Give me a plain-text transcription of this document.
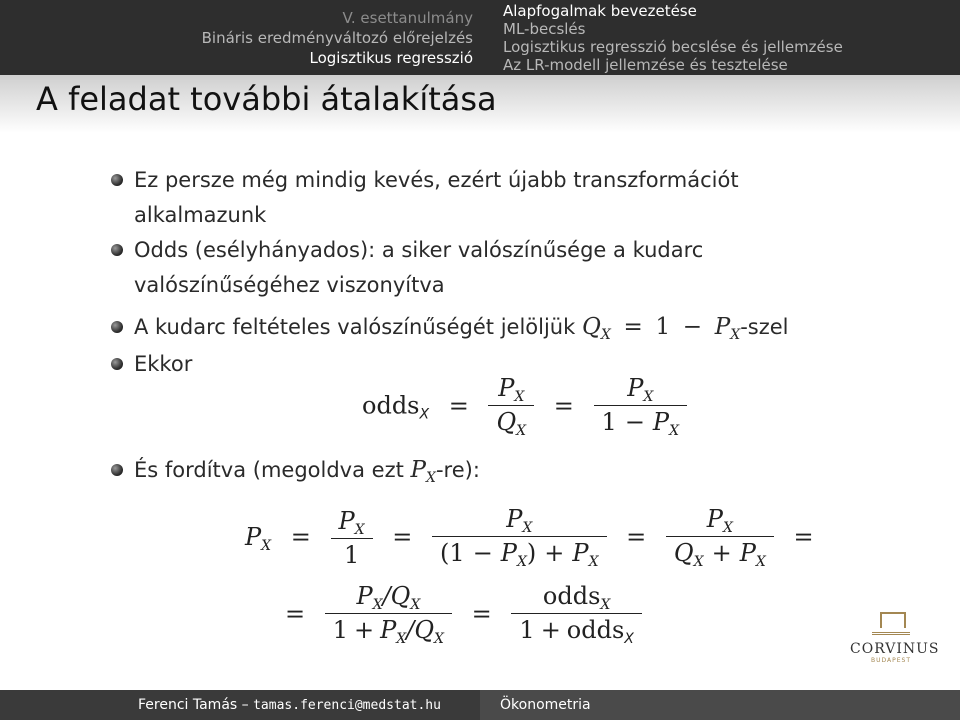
V. esettanulmány
Bináris eredményváltozó előrejelzés
Logisztikus regresszió
Alapfogalmak bevezetése
ML-becslés
Logisztikus regresszió becslése és jellemzése
Az LR-modell jellemzése és tesztelése
A feladat további átalakítása
Ez persze még mindig kevés, ezért újabb transzformációt
alkalmazunk
Odds (esélyhányados): a siker valószínűsége a kudarc
valószínűségéhez viszonyítva
A kudarc feltételes valószínűségét jelöljük $Q_X = 1$ − $P_X$-szel
Ekkor
odds$_X$ = $\frac{P_X}{Q_X} = \frac{P_X}{1 - P_X}$
És fordítva (megoldva ezt $P_X-re$):
$P_X = \frac{P_X}{1} = \frac{P_X}{(1 - P_X) + P_X} = \frac{P_X}{Q_X + P_X}$ =
= $\frac{P_X/Q_X}{1 + P_X/Q_X} = \frac{odds_X}{1 + odds_X}$
CORVINUS
BUDAPEST
Ferenci Tamás – tamas.ferenci@medstat.hu	Ökonometria
